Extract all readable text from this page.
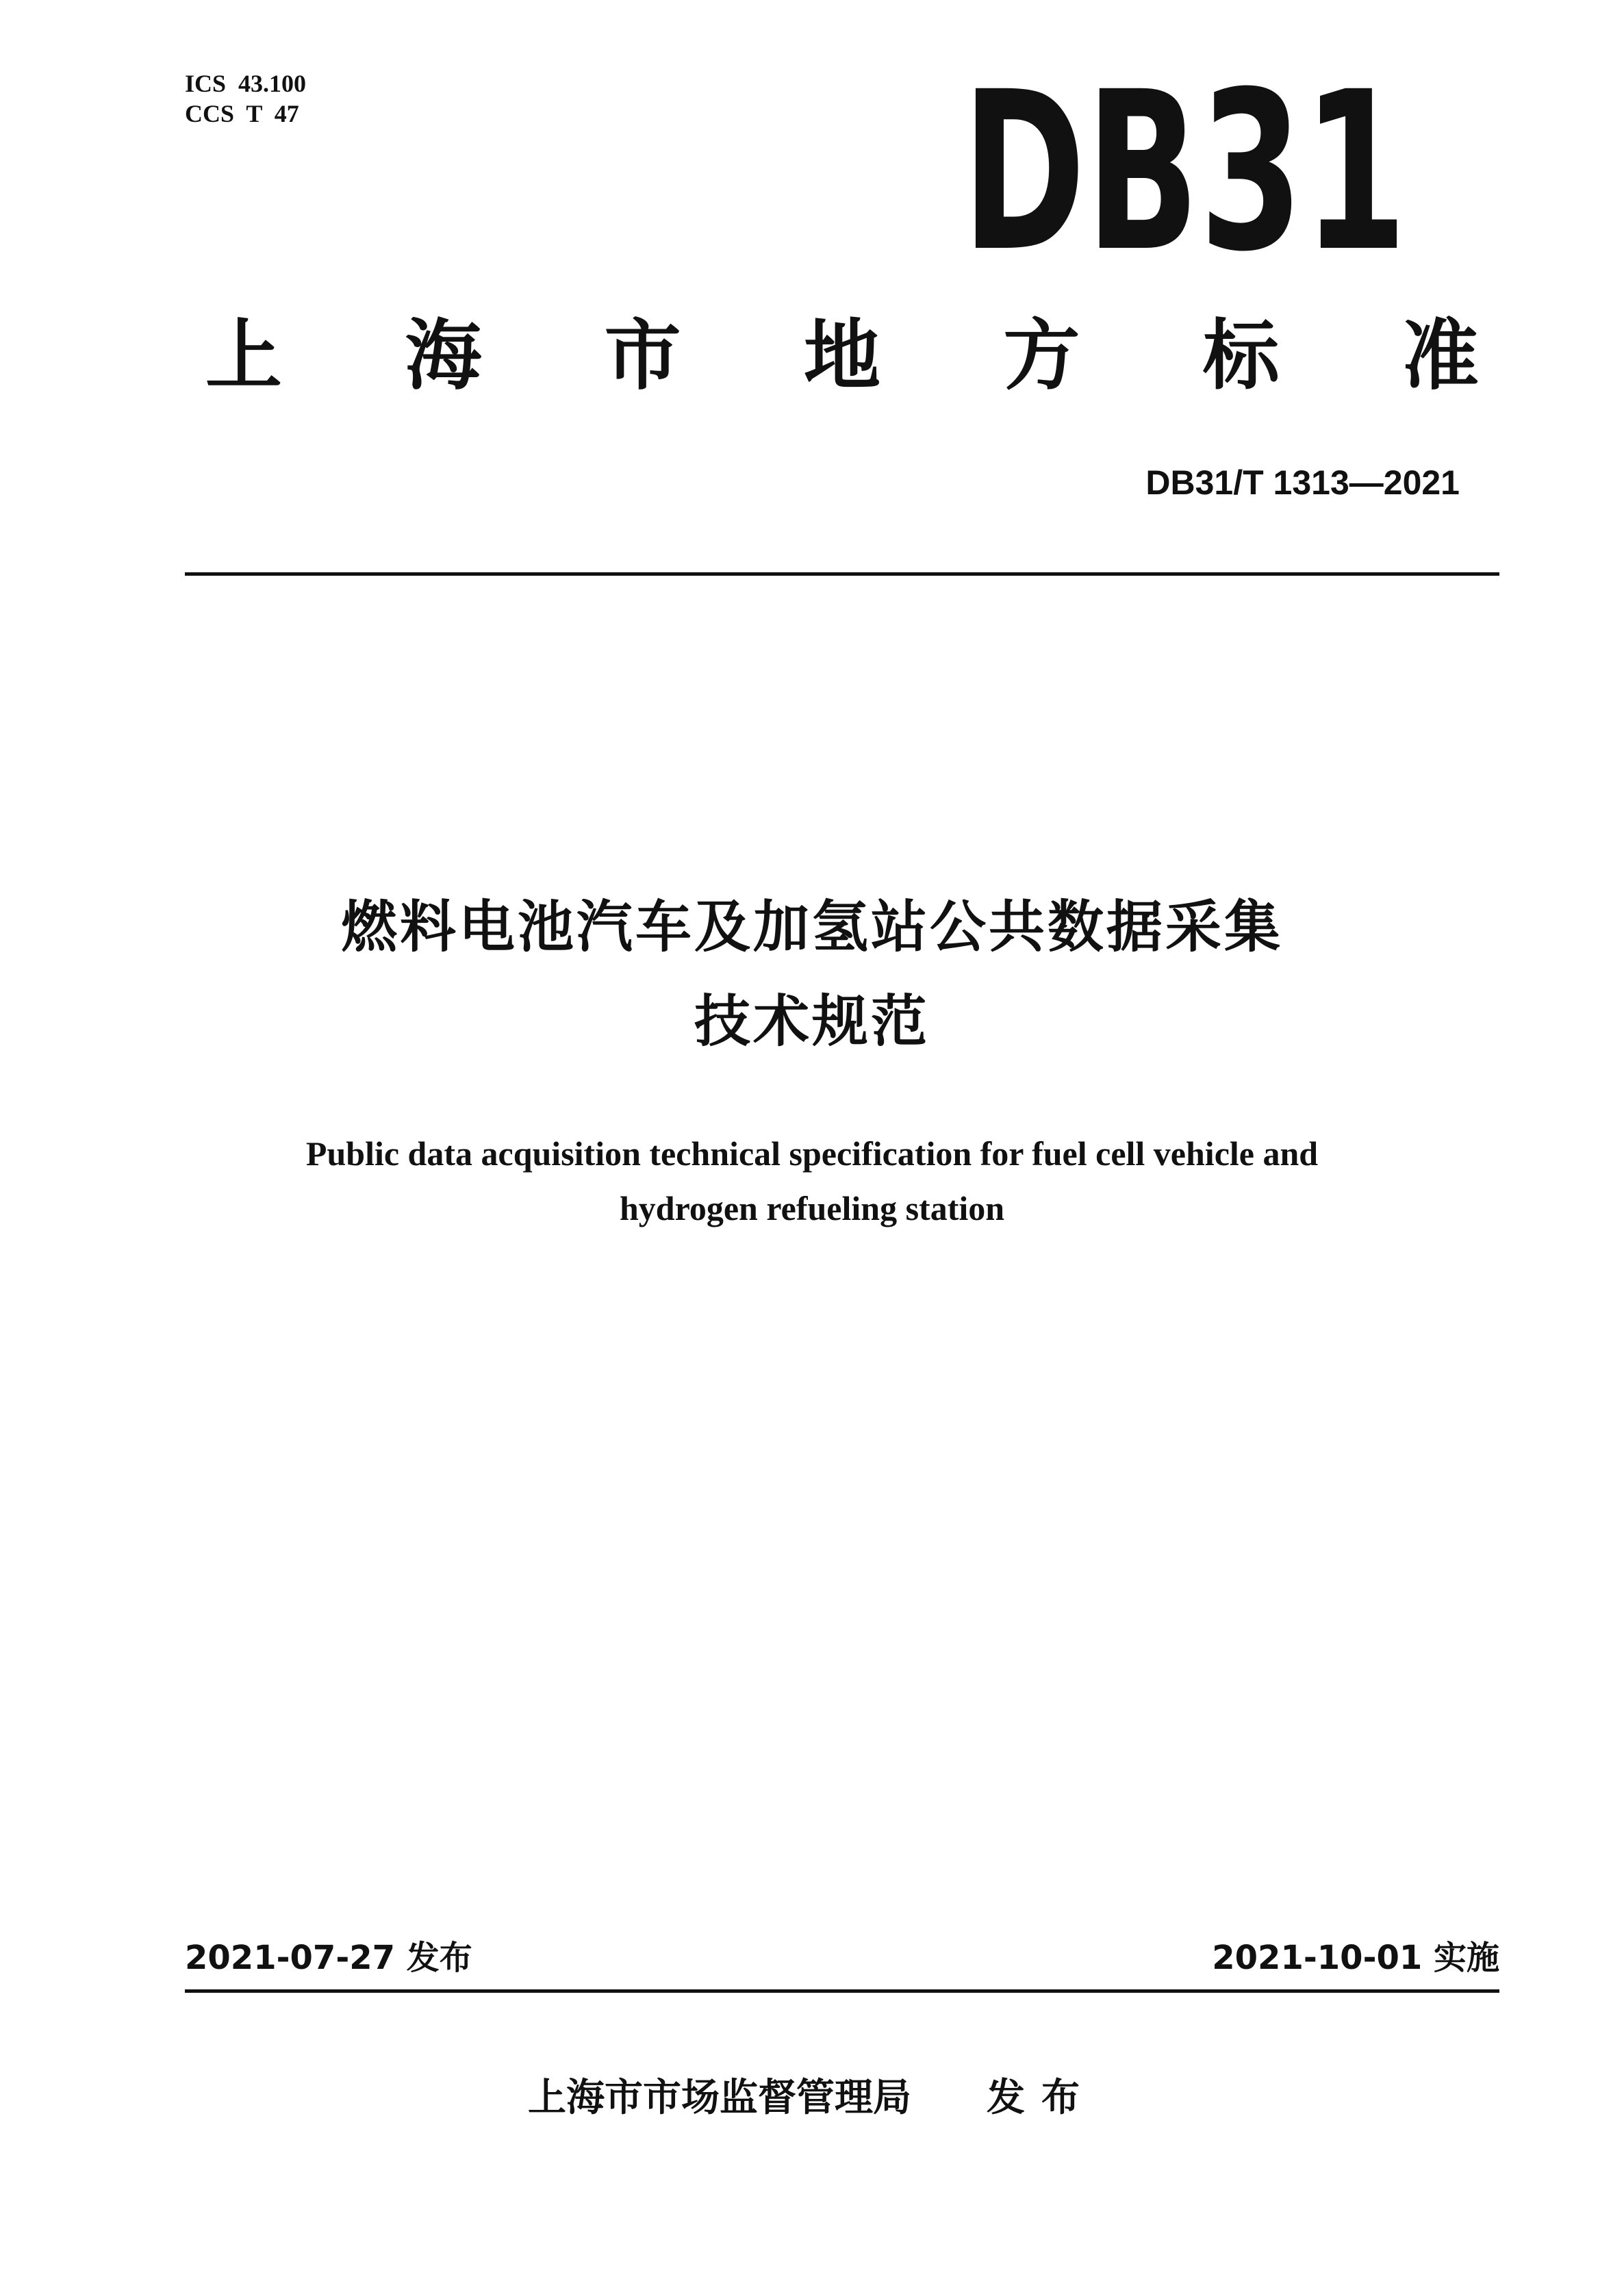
ICS  43.100
CCS  T  47	DB31
上 海 市 地 方 标 准
DB31/T 1313—2021
燃料电池汽车及加氢站公共数据采集
技术规范
Public data acquisition technical specification for fuel cell vehicle and
hydrogen refueling station
2021-07-27 发布	2021-10-01 实施
上海市市场监督管理局 发布
